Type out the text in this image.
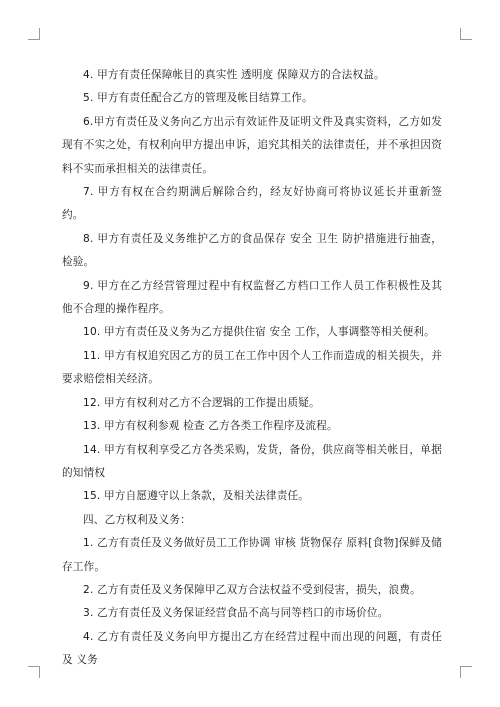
4. 甲方有责任保障帐目的真实性 透明度 保障双方的合法权益。

5. 甲方有责任配合乙方的管理及帐目结算工作。

6.甲方有责任及义务向乙方出示有效证件及证明文件及真实资料，乙方如发现有不实之处，有权利向甲方提出申诉，追究其相关的法律责任，并不承担因资料不实而承担相关的法律责任。

7. 甲方有权在合约期满后解除合约，经友好协商可将协议延长并重新签约。

8. 甲方有责任及义务维护乙方的食品保存 安全 卫生 防护措施进行抽查，检验。

9. 甲方在乙方经营管理过程中有权监督乙方档口工作人员工作积极性及其他不合理的操作程序。

10. 甲方有责任及义务为乙方提供住宿 安全 工作，人事调整等相关便利。

11. 甲方有权追究因乙方的员工在工作中因个人工作而造成的相关损失，并要求赔偿相关经济。

12. 甲方有权利对乙方不合逻辑的工作提出质疑。

13. 甲方有权利参观 检查 乙方各类工作程序及流程。

14. 甲方有权利享受乙方各类采购，发货，备份，供应商等相关帐目，单据的知情权

15. 甲方自愿遵守以上条款，及相关法律责任。

四、乙方权利及义务：

1. 乙方有责任及义务做好员工工作协调 审核 货物保存 原料[食物]保鲜及储存工作。

2. 乙方有责任及义务保障甲乙双方合法权益不受到侵害，损失，浪费。

3. 乙方有责任及义务保证经营食品不高与同等档口的市场价位。

4. 乙方有责任及义务向甲方提出乙方在经营过程中而出现的问题，有责任及 义务
